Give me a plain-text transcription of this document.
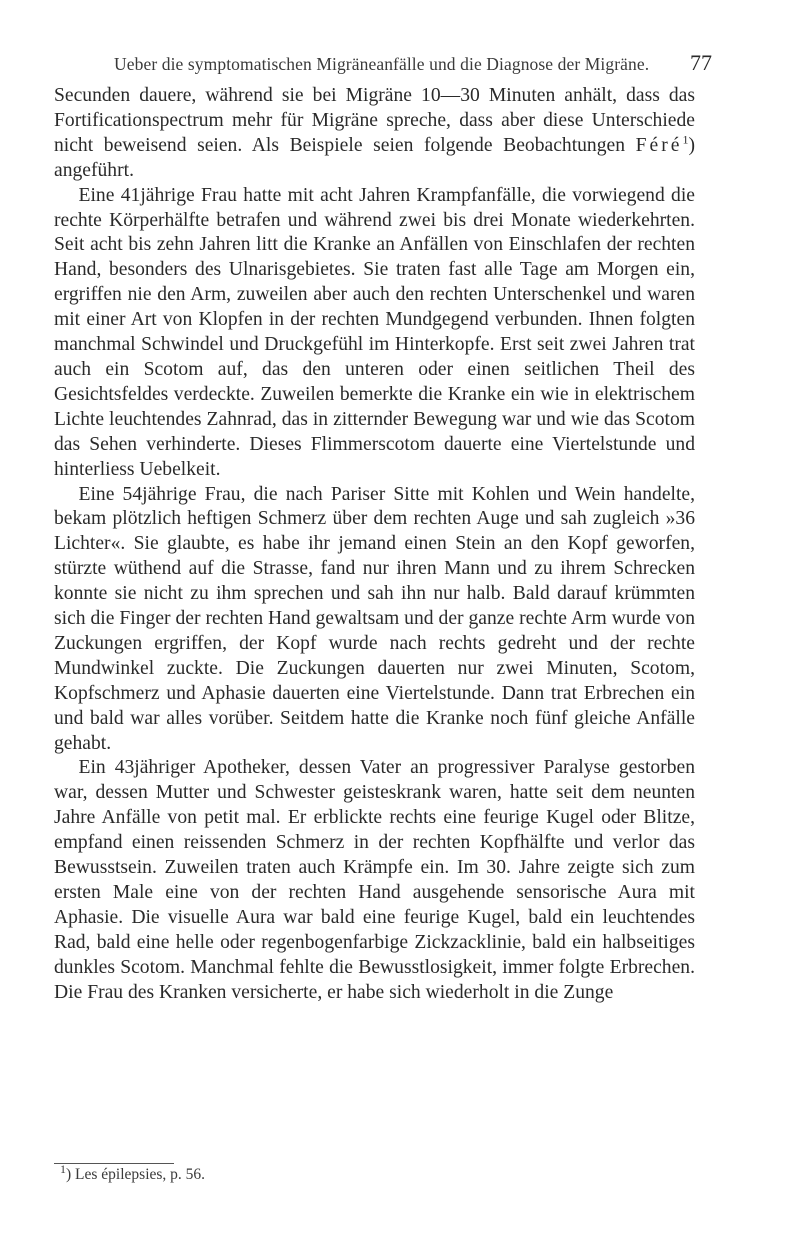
Ueber die symptomatischen Migräneanfälle und die Diagnose der Migräne.	77

Secunden dauere, während sie bei Migräne 10—30 Minuten anhält, dass das Fortificationspectrum mehr für Migräne spreche, dass aber diese Unterschiede nicht beweisend seien. Als Beispiele seien folgende Beobachtungen Féré$^1$) angeführt.

Eine 41jährige Frau hatte mit acht Jahren Krampfanfälle, die vorwiegend die rechte Körperhälfte betrafen und während zwei bis drei Monate wiederkehrten. Seit acht bis zehn Jahren litt die Kranke an Anfällen von Einschlafen der rechten Hand, besonders des Ulnarisgebietes. Sie traten fast alle Tage am Morgen ein, ergriffen nie den Arm, zuweilen aber auch den rechten Unterschenkel und waren mit einer Art von Klopfen in der rechten Mundgegend verbunden. Ihnen folgten manchmal Schwindel und Druckgefühl im Hinterkopfe. Erst seit zwei Jahren trat auch ein Scotom auf, das den unteren oder einen seitlichen Theil des Gesichtsfeldes verdeckte. Zuweilen bemerkte die Kranke ein wie in elektrischem Lichte leuchtendes Zahnrad, das in zitternder Bewegung war und wie das Scotom das Sehen verhinderte. Dieses Flimmerscotom dauerte eine Viertelstunde und hinterliess Uebelkeit.

Eine 54jährige Frau, die nach Pariser Sitte mit Kohlen und Wein handelte, bekam plötzlich heftigen Schmerz über dem rechten Auge und sah zugleich »36 Lichter«. Sie glaubte, es habe ihr jemand einen Stein an den Kopf geworfen, stürzte wüthend auf die Strasse, fand nur ihren Mann und zu ihrem Schrecken konnte sie nicht zu ihm sprechen und sah ihn nur halb. Bald darauf krümmten sich die Finger der rechten Hand gewaltsam und der ganze rechte Arm wurde von Zuckungen ergriffen, der Kopf wurde nach rechts gedreht und der rechte Mundwinkel zuckte. Die Zuckungen dauerten nur zwei Minuten, Scotom, Kopfschmerz und Aphasie dauerten eine Viertelstunde. Dann trat Erbrechen ein und bald war alles vorüber. Seitdem hatte die Kranke noch fünf gleiche Anfälle gehabt.

Ein 43jähriger Apotheker, dessen Vater an progressiver Paralyse gestorben war, dessen Mutter und Schwester geisteskrank waren, hatte seit dem neunten Jahre Anfälle von petit mal. Er erblickte rechts eine feurige Kugel oder Blitze, empfand einen reissenden Schmerz in der rechten Kopfhälfte und verlor das Bewusstsein. Zuweilen traten auch Krämpfe ein. Im 30. Jahre zeigte sich zum ersten Male eine von der rechten Hand ausgehende sensorische Aura mit Aphasie. Die visuelle Aura war bald eine feurige Kugel, bald ein leuchtendes Rad, bald eine helle oder regenbogenfarbige Zickzacklinie, bald ein halbseitiges dunkles Scotom. Manchmal fehlte die Bewusstlosigkeit, immer folgte Erbrechen. Die Frau des Kranken versicherte, er habe sich wiederholt in die Zunge

$^1$) Les épilepsies, p. 56.
